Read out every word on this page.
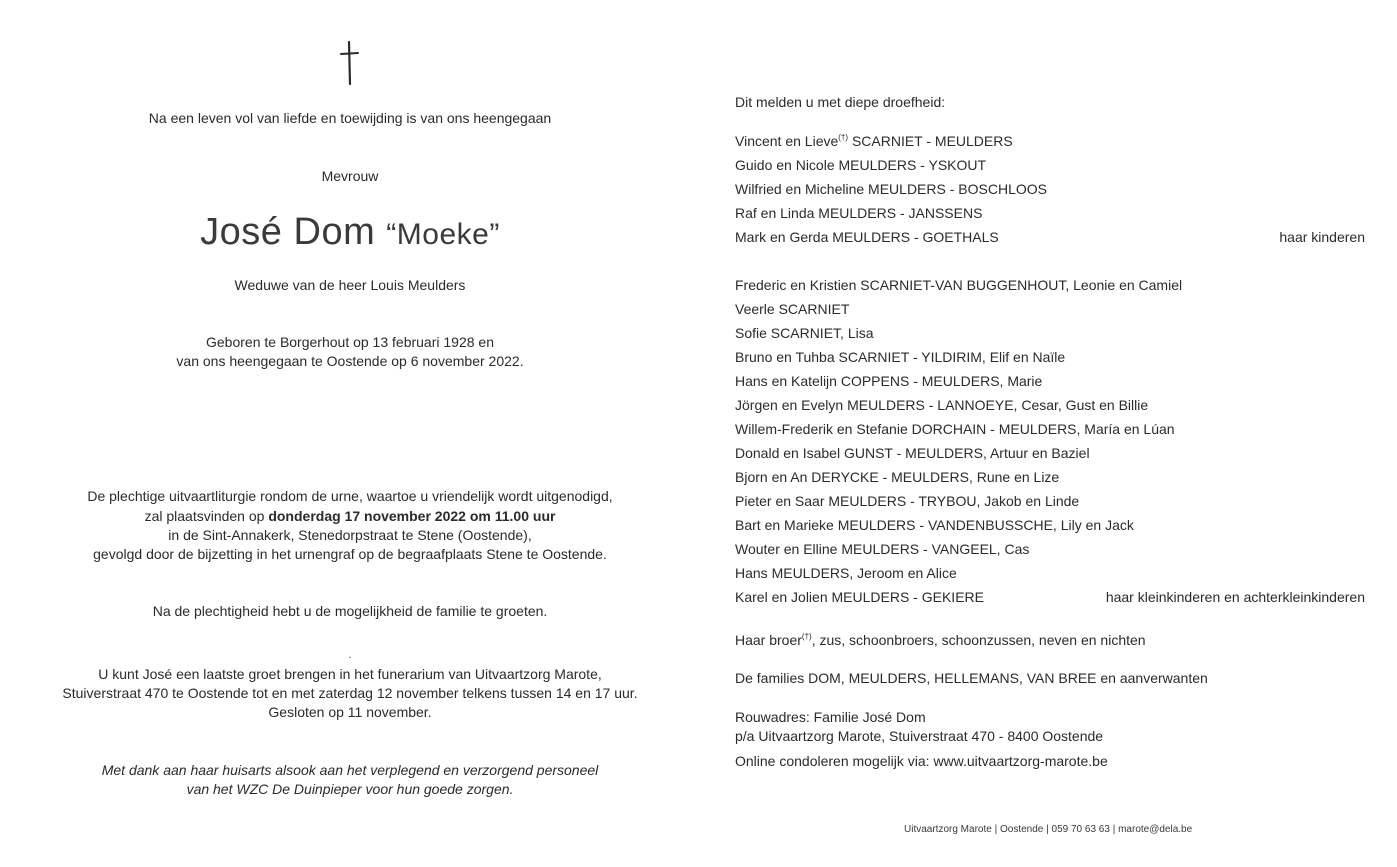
Na een leven vol van liefde en toewijding is van ons heengegaan
Mevrouw
José Dom “Moeke”
Weduwe van de heer Louis Meulders
Geboren te Borgerhout op 13 februari 1928 en
van ons heengegaan te Oostende op 6 november 2022.
De plechtige uitvaartliturgie rondom de urne, waartoe u vriendelijk wordt uitgenodigd,
zal plaatsvinden op donderdag 17 november 2022 om 11.00 uur
in de Sint-Annakerk, Stenedorpstraat te Stene (Oostende),
gevolgd door de bijzetting in het urnengraf op de begraafplaats Stene te Oostende.
Na de plechtigheid hebt u de mogelijkheid de familie te groeten.
·
U kunt José een laatste groet brengen in het funerarium van Uitvaartzorg Marote,
Stuiverstraat 470 te Oostende tot en met zaterdag 12 november telkens tussen 14 en 17 uur.
Gesloten op 11 november.
Met dank aan haar huisarts alsook aan het verplegend en verzorgend personeel
van het WZC De Duinpieper voor hun goede zorgen.
Dit melden u met diepe droefheid:
Vincent en Lieve(†) SCARNIET - MEULDERS
Guido en Nicole MEULDERS - YSKOUT
Wilfried en Micheline MEULDERS - BOSCHLOOS
Raf en Linda MEULDERS - JANSSENS
Mark en Gerda MEULDERS - GOETHALS	haar kinderen
Frederic en Kristien SCARNIET-VAN BUGGENHOUT, Leonie en Camiel
Veerle SCARNIET
Sofie SCARNIET, Lisa
Bruno en Tuhba SCARNIET - YILDIRIM, Elif en Naïle
Hans en Katelijn COPPENS - MEULDERS, Marie
Jörgen en Evelyn MEULDERS - LANNOEYE, Cesar, Gust en Billie
Willem-Frederik en Stefanie DORCHAIN - MEULDERS, María en Lúan
Donald en Isabel GUNST - MEULDERS, Artuur en Baziel
Bjorn en An DERYCKE - MEULDERS, Rune en Lize
Pieter en Saar MEULDERS - TRYBOU, Jakob en Linde
Bart en Marieke MEULDERS - VANDENBUSSCHE, Lily en Jack
Wouter en Elline MEULDERS - VANGEEL, Cas
Hans MEULDERS, Jeroom en Alice
Karel en Jolien MEULDERS - GEKIERE	haar kleinkinderen en achterkleinkinderen
Haar broer(†), zus, schoonbroers, schoonzussen, neven en nichten
De families DOM, MEULDERS, HELLEMANS, VAN BREE en aanverwanten
Rouwadres: Familie José Dom
p/a Uitvaartzorg Marote, Stuiverstraat 470 - 8400 Oostende
Online condoleren mogelijk via: www.uitvaartzorg-marote.be
Uitvaartzorg Marote | Oostende | 059 70 63 63 | marote@dela.be
